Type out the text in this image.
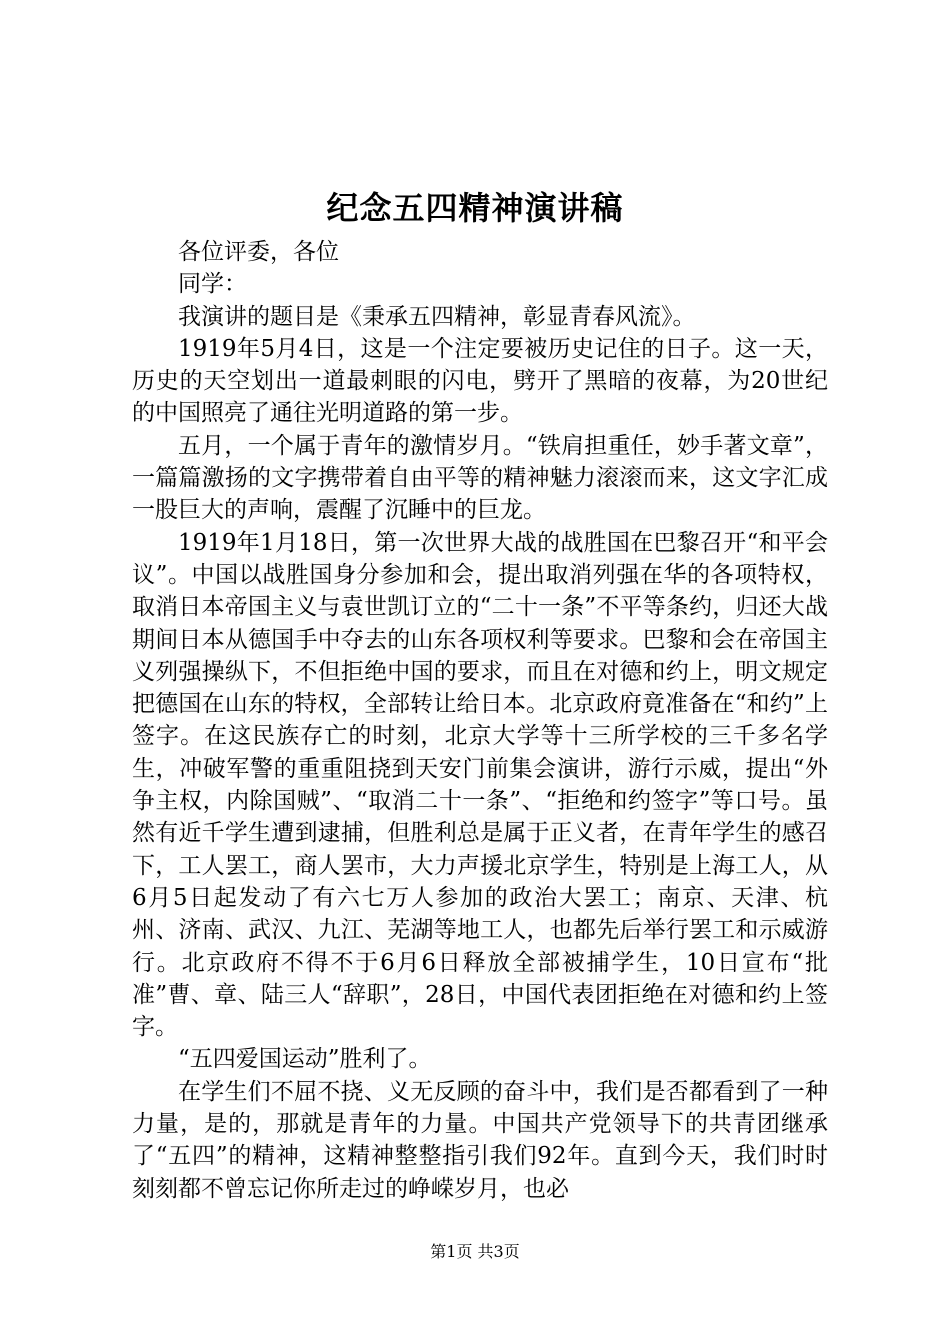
纪念五四精神演讲稿

各位评委，各位

同学：

我演讲的题目是《秉承五四精神，彰显青春风流》。

1919年5月4日，这是一个注定要被历史记住的日子。这一天，历史的天空划出一道最刺眼的闪电，劈开了黑暗的夜幕，为20世纪的中国照亮了通往光明道路的第一步。

五月，一个属于青年的激情岁月。“铁肩担重任，妙手著文章”，一篇篇激扬的文字携带着自由平等的精神魅力滚滚而来，这文字汇成一股巨大的声响，震醒了沉睡中的巨龙。

1919年1月18日，第一次世界大战的战胜国在巴黎召开“和平会议”。中国以战胜国身分参加和会，提出取消列强在华的各项特权，取消日本帝国主义与袁世凯订立的“二十一条”不平等条约，归还大战期间日本从德国手中夺去的山东各项权利等要求。巴黎和会在帝国主义列强操纵下，不但拒绝中国的要求，而且在对德和约上，明文规定把德国在山东的特权，全部转让给日本。北京政府竟准备在“和约”上签字。在这民族存亡的时刻，北京大学等十三所学校的三千多名学生，冲破军警的重重阻挠到天安门前集会演讲，游行示威，提出“外争主权，内除国贼”、“取消二十一条”、“拒绝和约签字”等口号。虽然有近千学生遭到逮捕，但胜利总是属于正义者，在青年学生的感召下，工人罢工，商人罢市，大力声援北京学生，特别是上海工人，从6月5日起发动了有六七万人参加的政治大罢工；南京、天津、杭州、济南、武汉、九江、芜湖等地工人，也都先后举行罢工和示威游行。北京政府不得不于6月6日释放全部被捕学生，10日宣布“批准”曹、章、陆三人“辞职”，28日，中国代表团拒绝在对德和约上签字。

“五四爱国运动”胜利了。

在学生们不屈不挠、义无反顾的奋斗中，我们是否都看到了一种力量，是的，那就是青年的力量。中国共产党领导下的共青团继承了“五四”的精神，这精神整整指引我们92年。直到今天，我们时时刻刻都不曾忘记你所走过的峥嵘岁月，也必

第1页 共3页
